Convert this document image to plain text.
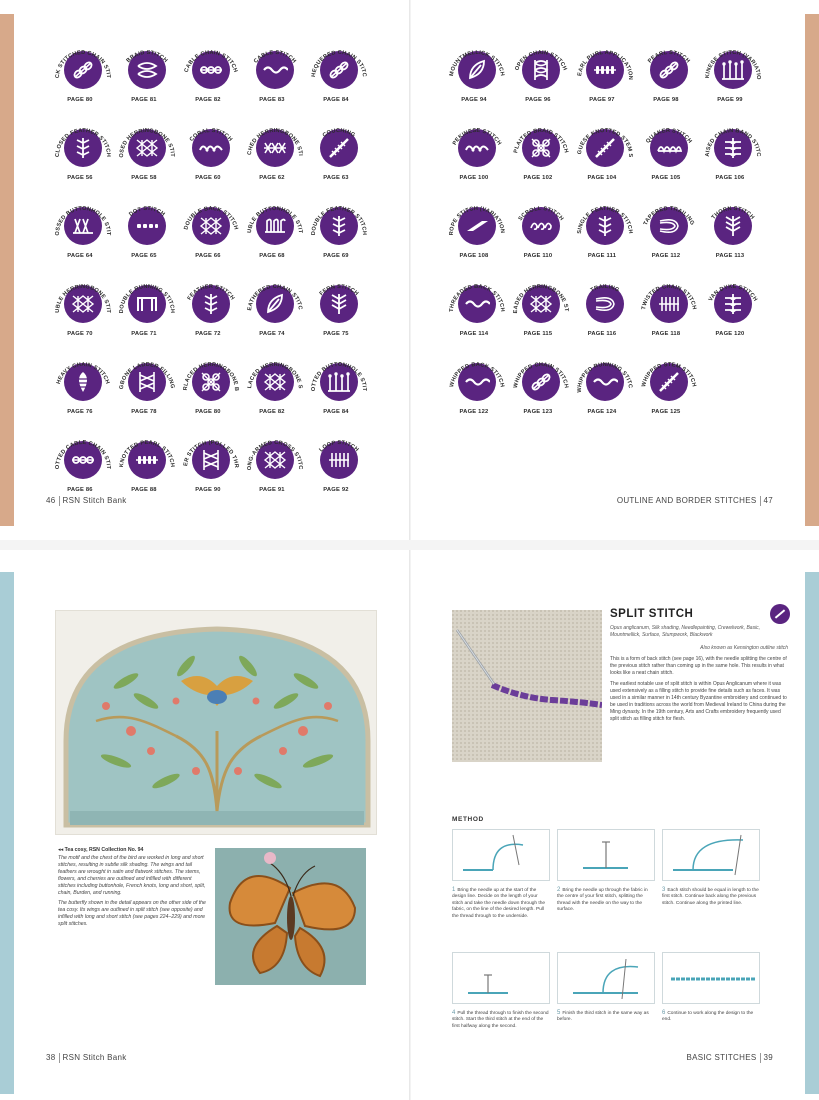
BACK STITCHED CHAIN STITCH
PAGE 80
BRAID STITCH
PAGE 81
CABLE CHAIN STITCH
PAGE 82
CABLE STITCH
PAGE 83
CHEQUERED CHAIN STITCH
PAGE 84
CLOSED FEATHER STITCH
PAGE 56
CLOSED HERRINGBONE STITCH
PAGE 58
CORAL STITCH
PAGE 60
COUCHED HERRINGBONE STITCH
PAGE 62
COUCHING
PAGE 63
CROSSED BUTTONHOLE STITCH
PAGE 64
DOT STITCH
PAGE 65
DOUBLE BACK STITCH
PAGE 66
DOUBLE BUTTONHOLE STITCH
PAGE 68
DOUBLE FEATHER STITCH
PAGE 69
DOUBLE HERRINGBONE STITCH
PAGE 70
DOUBLE RUNNING STITCH
PAGE 71
FEATHER STITCH
PAGE 72
FEATHERED CHAIN STITCH
PAGE 74
FERN STITCH
PAGE 75
HEAVY CHAIN STITCH
PAGE 76
HERRINGBONE LADDER FILLING STITCH
PAGE 78
INTERLACED HERRINGBONE BAND
PAGE 80
INTERLACED HERRINGBONE STITCH
PAGE 82
KNOTTED BUTTONHOLE STITCH
PAGE 84
KNOTTED CABLE CHAIN STITCH
PAGE 86
KNOTTED PEARL STITCH
PAGE 88
LADDER STITCH (POLLED THREAD)
PAGE 90
LONG-ARMED CROSS STITCH
PAGE 91
LOOP STITCH
PAGE 92
MOUNTMELLICK STITCH
PAGE 94
OPEN CHAIN STITCH
PAGE 96
PEARL PURL APPLICATION
PAGE 97
PEARL STITCH
PAGE 98
PEKINESE STITCH (VARIATION)
PAGE 99
PEKINESE STITCH
PAGE 100
PLAITED BRAID STITCH
PAGE 102
PORTUGUESE KNOTTED STEM STITCH
PAGE 104
QUAKER STITCH
PAGE 105
RAISED CHAIN BAND STITCH
PAGE 106
ROPE STITCH (VARIATION)
PAGE 108
SCROLL STITCH
PAGE 110
SINGLE FEATHER STITCH
PAGE 111
TAPERED TRAILING
PAGE 112
THORN STITCH
PAGE 113
THREADED BACK STITCH
PAGE 114
THREADED HERRINGBONE STITCH
PAGE 115
TRAILING
PAGE 116
TWISTED CHAIN STITCH
PAGE 118
VAN DYKE STITCH
PAGE 120
WHIPPED BACK STITCH
PAGE 122
WHIPPED CHAIN STITCH
PAGE 123
WHIPPED RUNNING STITCH
PAGE 124
WHIPPED STEM STITCH
PAGE 125
46 RSN Stitch Bank	OUTLINE AND BORDER STITCHES 47
◂◂ Tea cosy, RSN Collection No. 94

The motif and the chest of the bird are worked in long and short stitches, resulting in subtle silk shading. The wings and tail feathers are wrought in satin and flatwork stitches. The stems, flowers, and cherries are outlined and infilled with different stitches including buttonhole, French knots, long and short, split, chain, Burden, and running.

The butterfly shown in the detail appears on the other side of the tea cosy. Its wings are outlined in split stitch (see opposite) and infilled with long and short stitch (see pages 224–229) and more split stitches.

SPLIT STITCH
Opus anglicanum, Silk shading, Needlepainting, Crewelwork, Basic, Mountmellick, Surface, Stumpwork, Blackwork
Also known as Kensington outline stitch

This is a form of back stitch (see page 16), with the needle splitting the centre of the previous stitch rather than coming up in the same hole. This results in what looks like a neat chain stitch.

The earliest notable use of split stitch is within Opus Anglicanum where it was used extensively as a filling stitch to provide fine details such as faces. It was used in a similar manner in 14th century Byzantine embroidery and continued to be used in traditions across the world from Medieval Ireland to China during the Ming dynasty. In the 19th century, Arts and Crafts embroidery frequently used split stitch as filling stitch for flesh.

METHOD
1 Bring the needle up at the start of the design line. Decide on the length of your stitch and take the needle down through the fabric, on the line of the desired length. Pull the thread through to the underside.
2 Bring the needle up through the fabric in the centre of your first stitch, splitting the thread with the needle on the way to the surface.
3 Each stitch should be equal in length to the first stitch. Continue back along the previous stitch. Continue along the printed line.
4 Pull the thread through to finish the second stitch. Start the third stitch at the end of the first halfway along the second.
5 Finish the third stitch in the same way as before.
6 Continue to work along the design to the end.
38 RSN Stitch Bank	BASIC STITCHES 39
